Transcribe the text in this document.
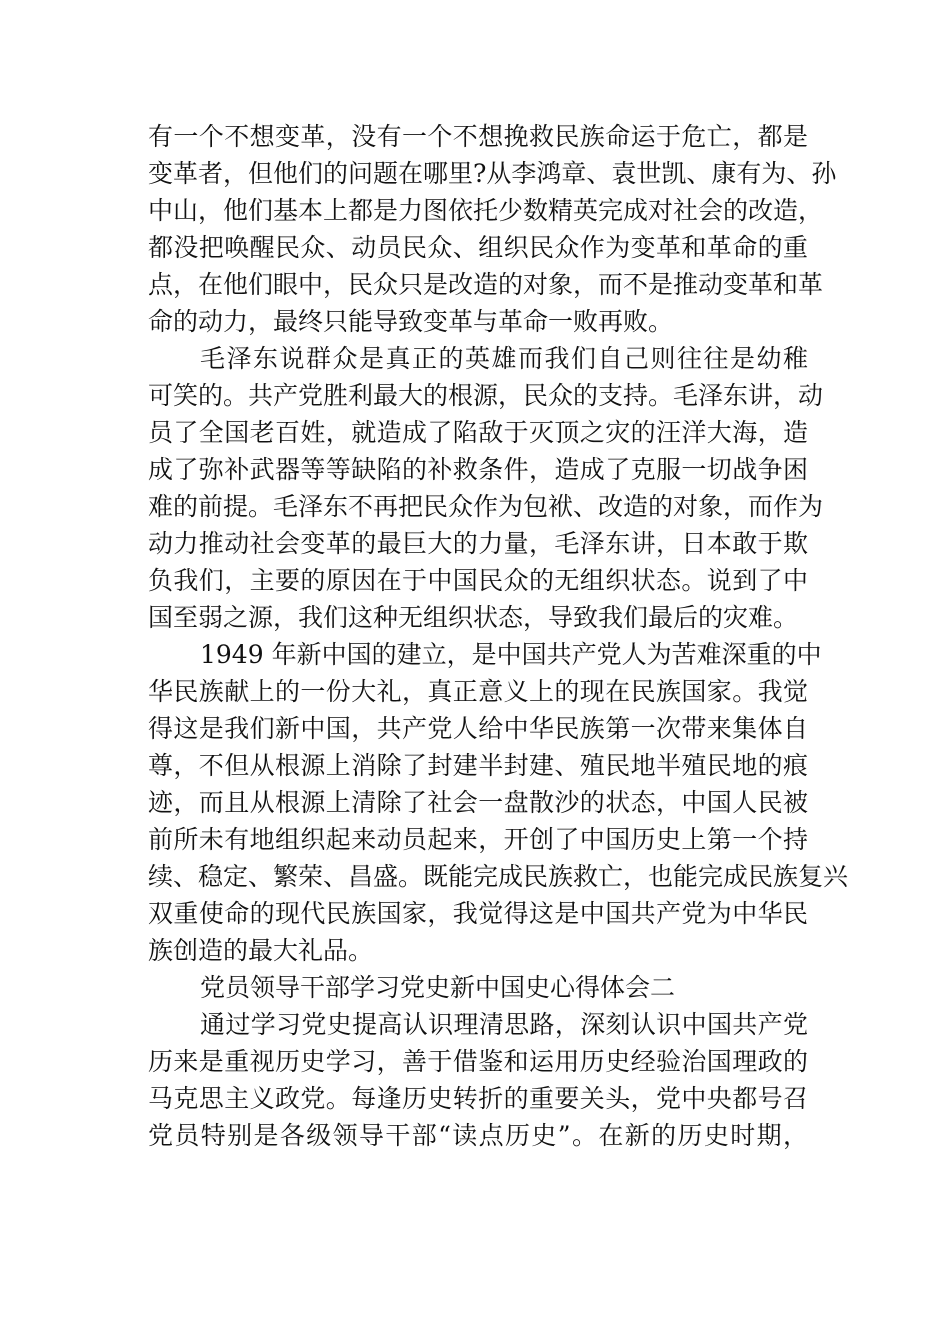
有一个不想变革，没有一个不想挽救民族命运于危亡，都是
变革者，但他们的问题在哪里?从李鸿章、袁世凯、康有为、孙
中山，他们基本上都是力图依托少数精英完成对社会的改造，
都没把唤醒民众、动员民众、组织民众作为变革和革命的重
点，在他们眼中，民众只是改造的对象，而不是推动变革和革
命的动力，最终只能导致变革与革命一败再败。
毛泽东说群众是真正的英雄而我们自己则往往是幼稚
可笑的。共产党胜利最大的根源，民众的支持。毛泽东讲，动
员了全国老百姓，就造成了陷敌于灭顶之灾的汪洋大海，造
成了弥补武器等等缺陷的补救条件，造成了克服一切战争困
难的前提。毛泽东不再把民众作为包袱、改造的对象，而作为
动力推动社会变革的最巨大的力量，毛泽东讲，日本敢于欺
负我们，主要的原因在于中国民众的无组织状态。说到了中
国至弱之源，我们这种无组织状态，导致我们最后的灾难。
1949 年新中国的建立，是中国共产党人为苦难深重的中
华民族献上的一份大礼，真正意义上的现在民族国家。我觉
得这是我们新中国，共产党人给中华民族第一次带来集体自
尊，不但从根源上消除了封建半封建、殖民地半殖民地的痕
迹，而且从根源上清除了社会一盘散沙的状态，中国人民被
前所未有地组织起来动员起来，开创了中国历史上第一个持
续、稳定、繁荣、昌盛。既能完成民族救亡，也能完成民族复兴
双重使命的现代民族国家，我觉得这是中国共产党为中华民
族创造的最大礼品。
党员领导干部学习党史新中国史心得体会二
通过学习党史提高认识理清思路，深刻认识中国共产党
历来是重视历史学习，善于借鉴和运用历史经验治国理政的
马克思主义政党。每逢历史转折的重要关头，党中央都号召
党员特别是各级领导干部“读点历史”。在新的历史时期，
